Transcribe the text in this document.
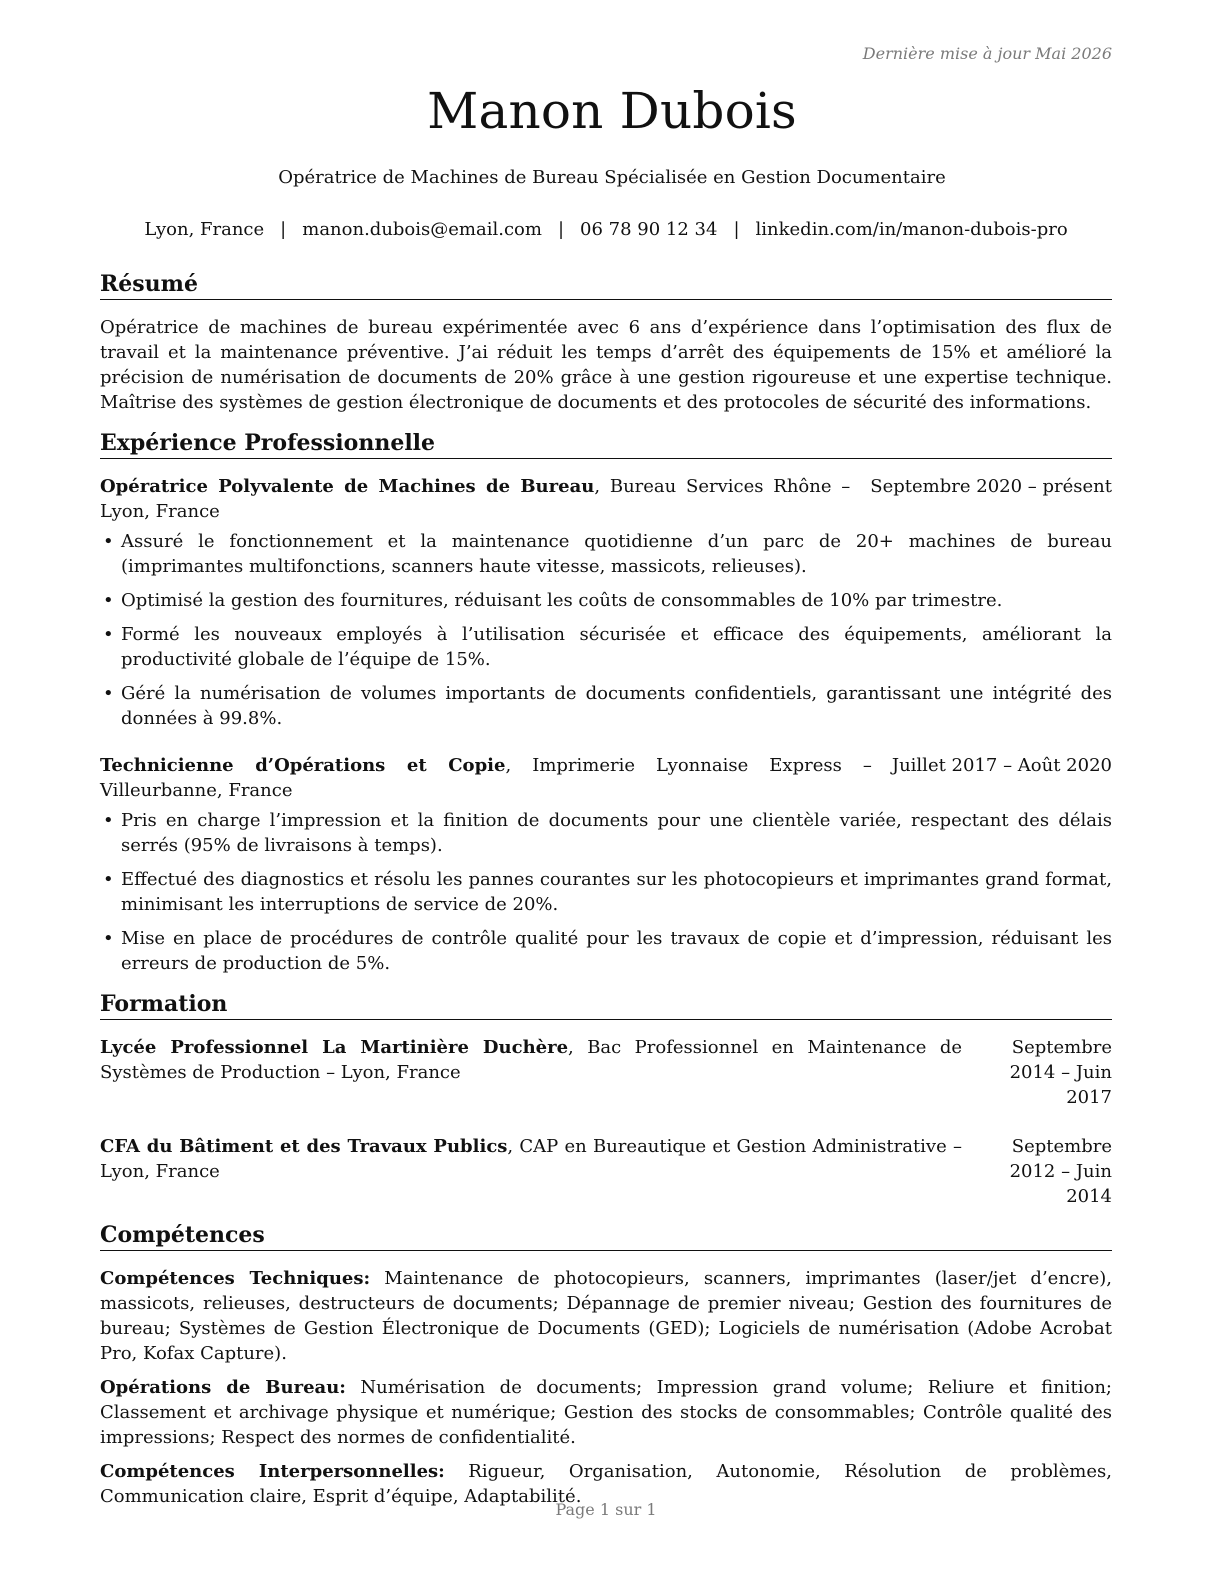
Dernière mise à jour Mai 2026
Manon Dubois
Opératrice de Machines de Bureau Spécialisée en Gestion Documentaire
Lyon, France | manon.dubois@email.com | 06 78 90 12 34 | linkedin.com/in/manon-dubois-pro
Résumé

Opératrice de machines de bureau expérimentée avec 6 ans d’expérience dans l’optimisation des flux de travail et la maintenance préventive. J’ai réduit les temps d’arrêt des équipements de 15% et amélioré la précision de numérisation de documents de 20% grâce à une gestion rigoureuse et une expertise technique. Maîtrise des systèmes de gestion électronique de documents et des protocoles de sécurité des informations.

Expérience Professionnelle
Opératrice Polyvalente de Machines de Bureau, Bureau Services Rhône – Lyon, France
Septembre 2020 – présent
• Assuré le fonctionnement et la maintenance quotidienne d’un parc de 20+ machines de bureau (imprimantes multifonctions, scanners haute vitesse, massicots, relieuses).
• Optimisé la gestion des fournitures, réduisant les coûts de consommables de 10% par trimestre.
• Formé les nouveaux employés à l’utilisation sécurisée et efficace des équipements, améliorant la productivité globale de l’équipe de 15%.
• Géré la numérisation de volumes importants de documents confidentiels, garantissant une intégrité des données à 99.8%.
Technicienne d’Opérations et Copie, Imprimerie Lyonnaise Express – Villeurbanne, France
Juillet 2017 – Août 2020
• Pris en charge l’impression et la finition de documents pour une clientèle variée, respectant des délais serrés (95% de livraisons à temps).
• Effectué des diagnostics et résolu les pannes courantes sur les photocopieurs et imprimantes grand format, minimisant les interruptions de service de 20%.
• Mise en place de procédures de contrôle qualité pour les travaux de copie et d’impression, réduisant les erreurs de production de 5%.
Formation
Lycée Professionnel La Martinière Duchère, Bac Professionnel en Maintenance de Systèmes de Production – Lyon, France
Septembre 2014 – Juin 2017
CFA du Bâtiment et des Travaux Publics, CAP en Bureautique et Gestion Administrative – Lyon, France
Septembre 2012 – Juin 2014
Compétences
Compétences Techniques: Maintenance de photocopieurs, scanners, imprimantes (laser/jet d’encre), massicots, relieuses, destructeurs de documents; Dépannage de premier niveau; Gestion des fournitures de bureau; Systèmes de Gestion Électronique de Documents (GED); Logiciels de numérisation (Adobe Acrobat Pro, Kofax Capture).
Opérations de Bureau: Numérisation de documents; Impression grand volume; Reliure et finition; Classement et archivage physique et numérique; Gestion des stocks de consommables; Contrôle qualité des impressions; Respect des normes de confidentialité.
Compétences Interpersonnelles: Rigueur, Organisation, Autonomie, Résolution de problèmes, Communication claire, Esprit d’équipe, Adaptabilité.
Page 1 sur 1
